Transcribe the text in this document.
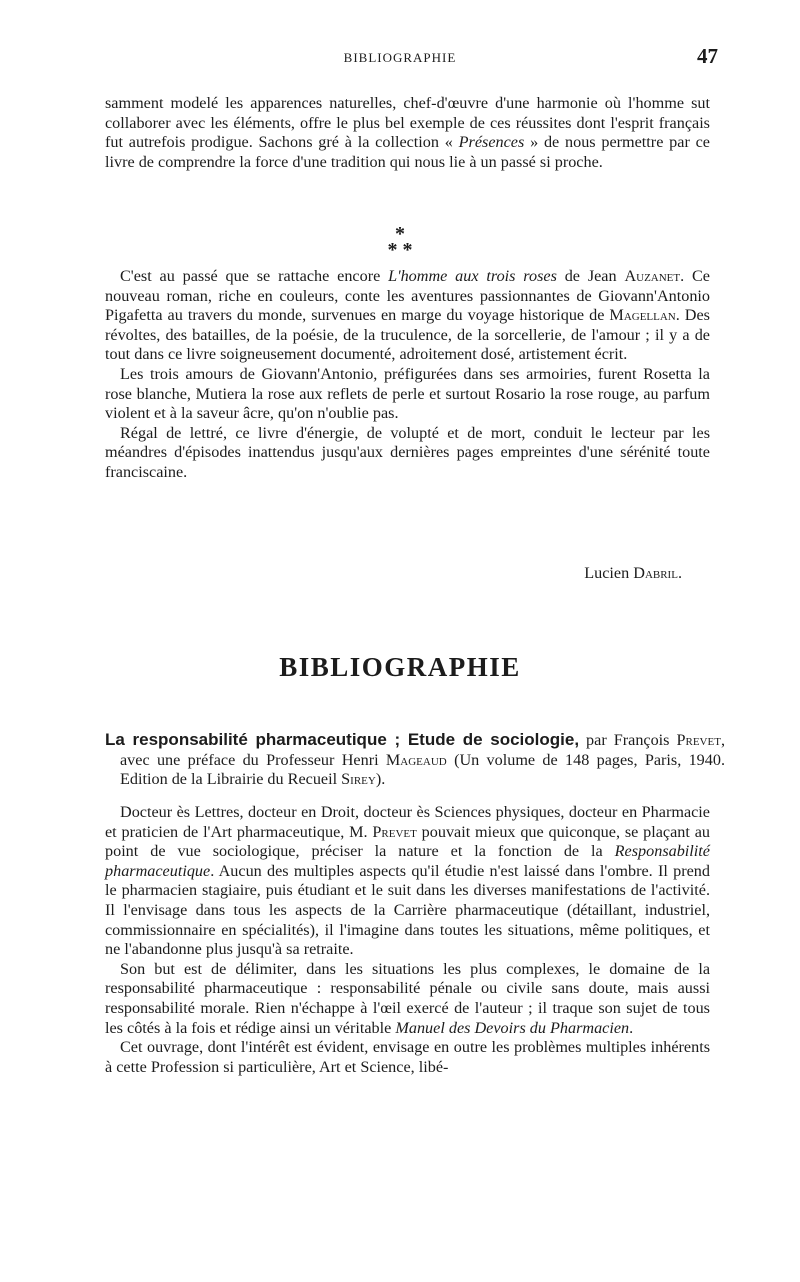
BIBLIOGRAPHIE	47

samment modelé les apparences naturelles, chef-d'œuvre d'une harmonie où l'homme sut collaborer avec les éléments, offre le plus bel exemple de ces réussites dont l'esprit français fut autrefois prodigue. Sachons gré à la collection « Présences » de nous permettre par ce livre de comprendre la force d'une tradition qui nous lie à un passé si proche.

*
* *

C'est au passé que se rattache encore L'homme aux trois roses de Jean Auzanet. Ce nouveau roman, riche en couleurs, conte les aventures passionnantes de Giovann'Antonio Pigafetta au travers du monde, survenues en marge du voyage historique de Magellan. Des révoltes, des batailles, de la poésie, de la truculence, de la sorcellerie, de l'amour ; il y a de tout dans ce livre soigneusement documenté, adroitement dosé, artistement écrit.

Les trois amours de Giovann'Antonio, préfigurées dans ses armoiries, furent Rosetta la rose blanche, Mutiera la rose aux reflets de perle et surtout Rosario la rose rouge, au parfum violent et à la saveur âcre, qu'on n'oublie pas.

Régal de lettré, ce livre d'énergie, de volupté et de mort, conduit le lecteur par les méandres d'épisodes inattendus jusqu'aux dernières pages empreintes d'une sérénité toute franciscaine.

Lucien Dabril.
BIBLIOGRAPHIE
La responsabilité pharmaceutique ; Etude de sociologie, par François Prevet, avec une préface du Professeur Henri Mageaud (Un volume de 148 pages, Paris, 1940. Edition de la Librairie du Recueil Sirey).

Docteur ès Lettres, docteur en Droit, docteur ès Sciences physiques, docteur en Pharmacie et praticien de l'Art pharmaceutique, M. Prevet pouvait mieux que quiconque, se plaçant au point de vue sociologique, préciser la nature et la fonction de la Responsabilité pharmaceutique. Aucun des multiples aspects qu'il étudie n'est laissé dans l'ombre. Il prend le pharmacien stagiaire, puis étudiant et le suit dans les diverses manifestations de l'activité. Il l'envisage dans tous les aspects de la Carrière pharmaceutique (détaillant, industriel, commissionnaire en spécialités), il l'imagine dans toutes les situations, même politiques, et ne l'abandonne plus jusqu'à sa retraite.

Son but est de délimiter, dans les situations les plus complexes, le domaine de la responsabilité pharmaceutique : responsabilité pénale ou civile sans doute, mais aussi responsabilité morale. Rien n'échappe à l'œil exercé de l'auteur ; il traque son sujet de tous les côtés à la fois et rédige ainsi un véritable Manuel des Devoirs du Pharmacien.

Cet ouvrage, dont l'intérêt est évident, envisage en outre les problèmes multiples inhérents à cette Profession si particulière, Art et Science, libé-
